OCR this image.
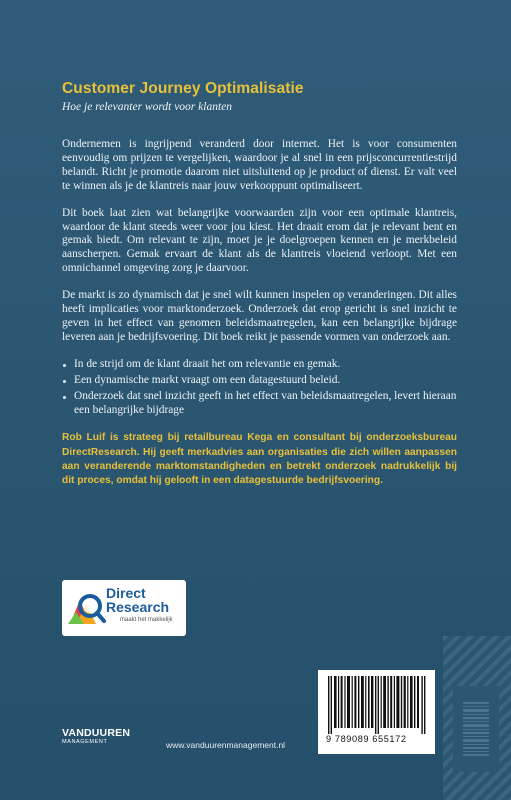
Customer Journey Optimalisatie

Hoe je relevanter wordt voor klanten

Ondernemen is ingrijpend veranderd door internet. Het is voor consumenten eenvoudig om prijzen te vergelijken, waardoor je al snel in een prijsconcurrentiestrijd belandt. Richt je promotie daarom niet uitsluitend op je product of dienst. Er valt veel te winnen als je de klantreis naar jouw verkooppunt optimaliseert.

Dit boek laat zien wat belangrijke voorwaarden zijn voor een optimale klantreis, waardoor de klant steeds weer voor jou kiest. Het draait erom dat je relevant bent en gemak biedt. Om relevant te zijn, moet je je doelgroepen kennen en je merkbeleid aanscherpen. Gemak ervaart de klant als de klantreis vloeiend verloopt. Met een omnichannel omgeving zorg je daarvoor.

De markt is zo dynamisch dat je snel wilt kunnen inspelen op veranderingen. Dit alles heeft implicaties voor marktonderzoek. Onderzoek dat erop gericht is snel inzicht te geven in het effect van genomen beleidsmaatregelen, kan een belangrijke bijdrage leveren aan je bedrijfsvoering. Dit boek reikt je passende vormen van onderzoek aan.

In de strijd om de klant draait het om relevantie en gemak.
Een dynamische markt vraagt om een datagestuurd beleid.
Onderzoek dat snel inzicht geeft in het effect van beleidsmaatregelen, levert hieraan een belangrijke bijdrage

Rob Luif is strateeg bij retailbureau Kega en consultant bij onderzoeksbureau DirectResearch. Hij geeft merkadvies aan organisaties die zich willen aanpassen aan veranderende marktomstandigheden en betrekt onderzoek nadrukkelijk bij dit proces, omdat hij gelooft in een datagestuurde bedrijfsvoering.

Direct
Research
maakt het makkelijk
VANDUUREN
MANAGEMENT	www.vanduurenmanagement.nl
9 789089 655172
